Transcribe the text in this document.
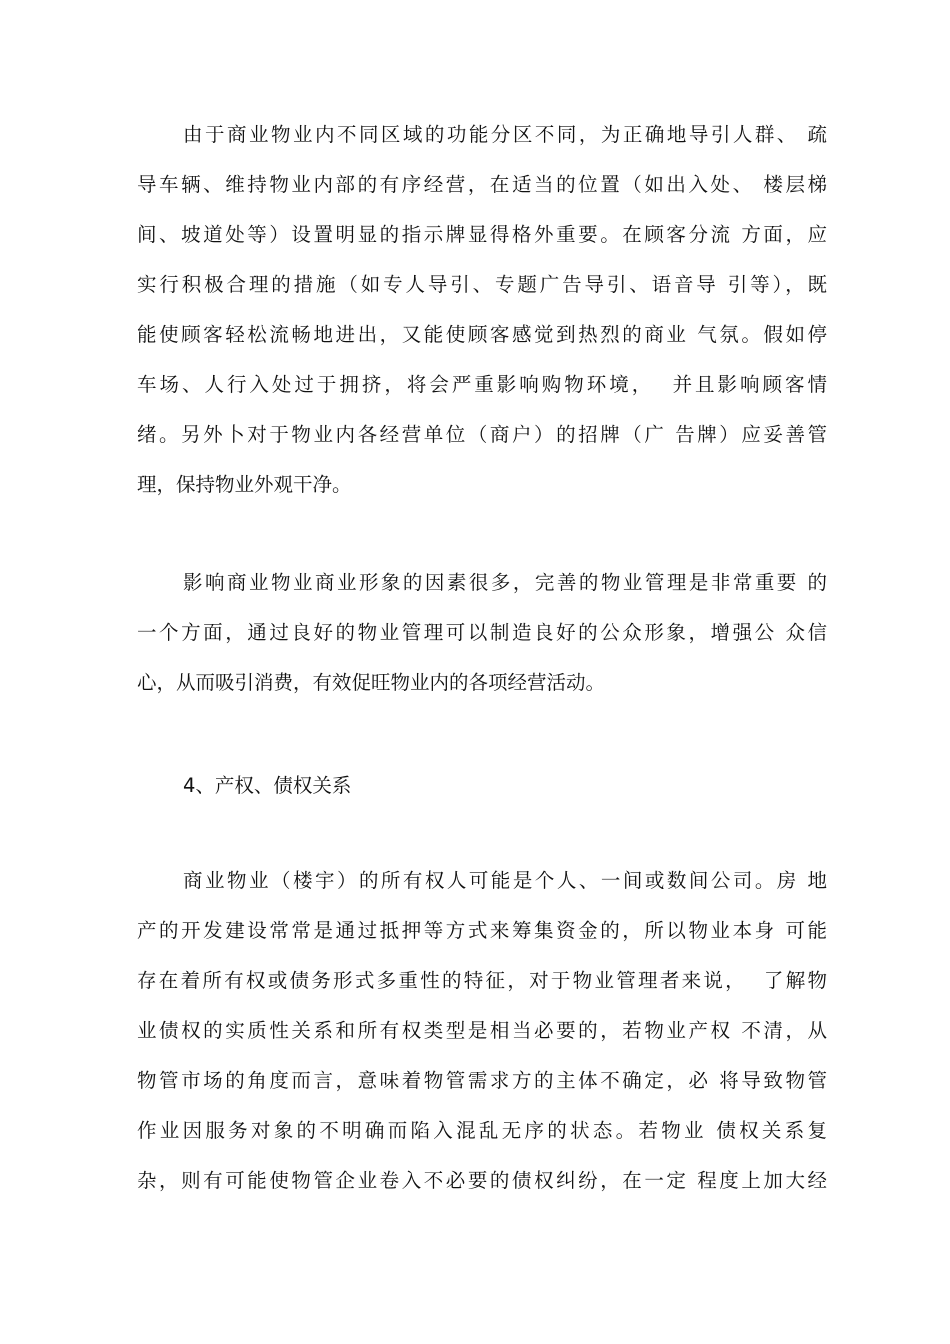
由于商业物业内不同区域的功能分区不同，为正确地导引人群、 疏
导车辆、维持物业内部的有序经营，在适当的位置（如出入处、 楼层梯
间、坡道处等）设置明显的指示牌显得格外重要。在顾客分流 方面，应
实行积极合理的措施（如专人导引、专题广告导引、语音导 引等），既
能使顾客轻松流畅地进出，又能使顾客感觉到热烈的商业 气氛。假如停
车场、人行入处过于拥挤，将会严重影响购物环境，  并且影响顾客情
绪。另外卜对于物业内各经营单位（商户）的招牌（广 告牌）应妥善管
理，保持物业外观干净。
影响商业物业商业形象的因素很多，完善的物业管理是非常重要 的
一个方面，通过良好的物业管理可以制造良好的公众形象，增强公 众信
心，从而吸引消费，有效促旺物业内的各项经营活动。
4、产权、债权关系
商业物业（楼宇）的所有权人可能是个人、一间或数间公司。房 地
产的开发建设常常是通过抵押等方式来筹集资金的，所以物业本身 可能
存在着所有权或债务形式多重性的特征，对于物业管理者来说，  了解物
业债权的实质性关系和所有权类型是相当必要的，若物业产权 不清，从
物管市场的角度而言，意味着物管需求方的主体不确定，必 将导致物管
作业因服务对象的不明确而陷入混乱无序的状态。若物业 债权关系复
杂，则有可能使物管企业卷入不必要的债权纠纷，在一定 程度上加大经
